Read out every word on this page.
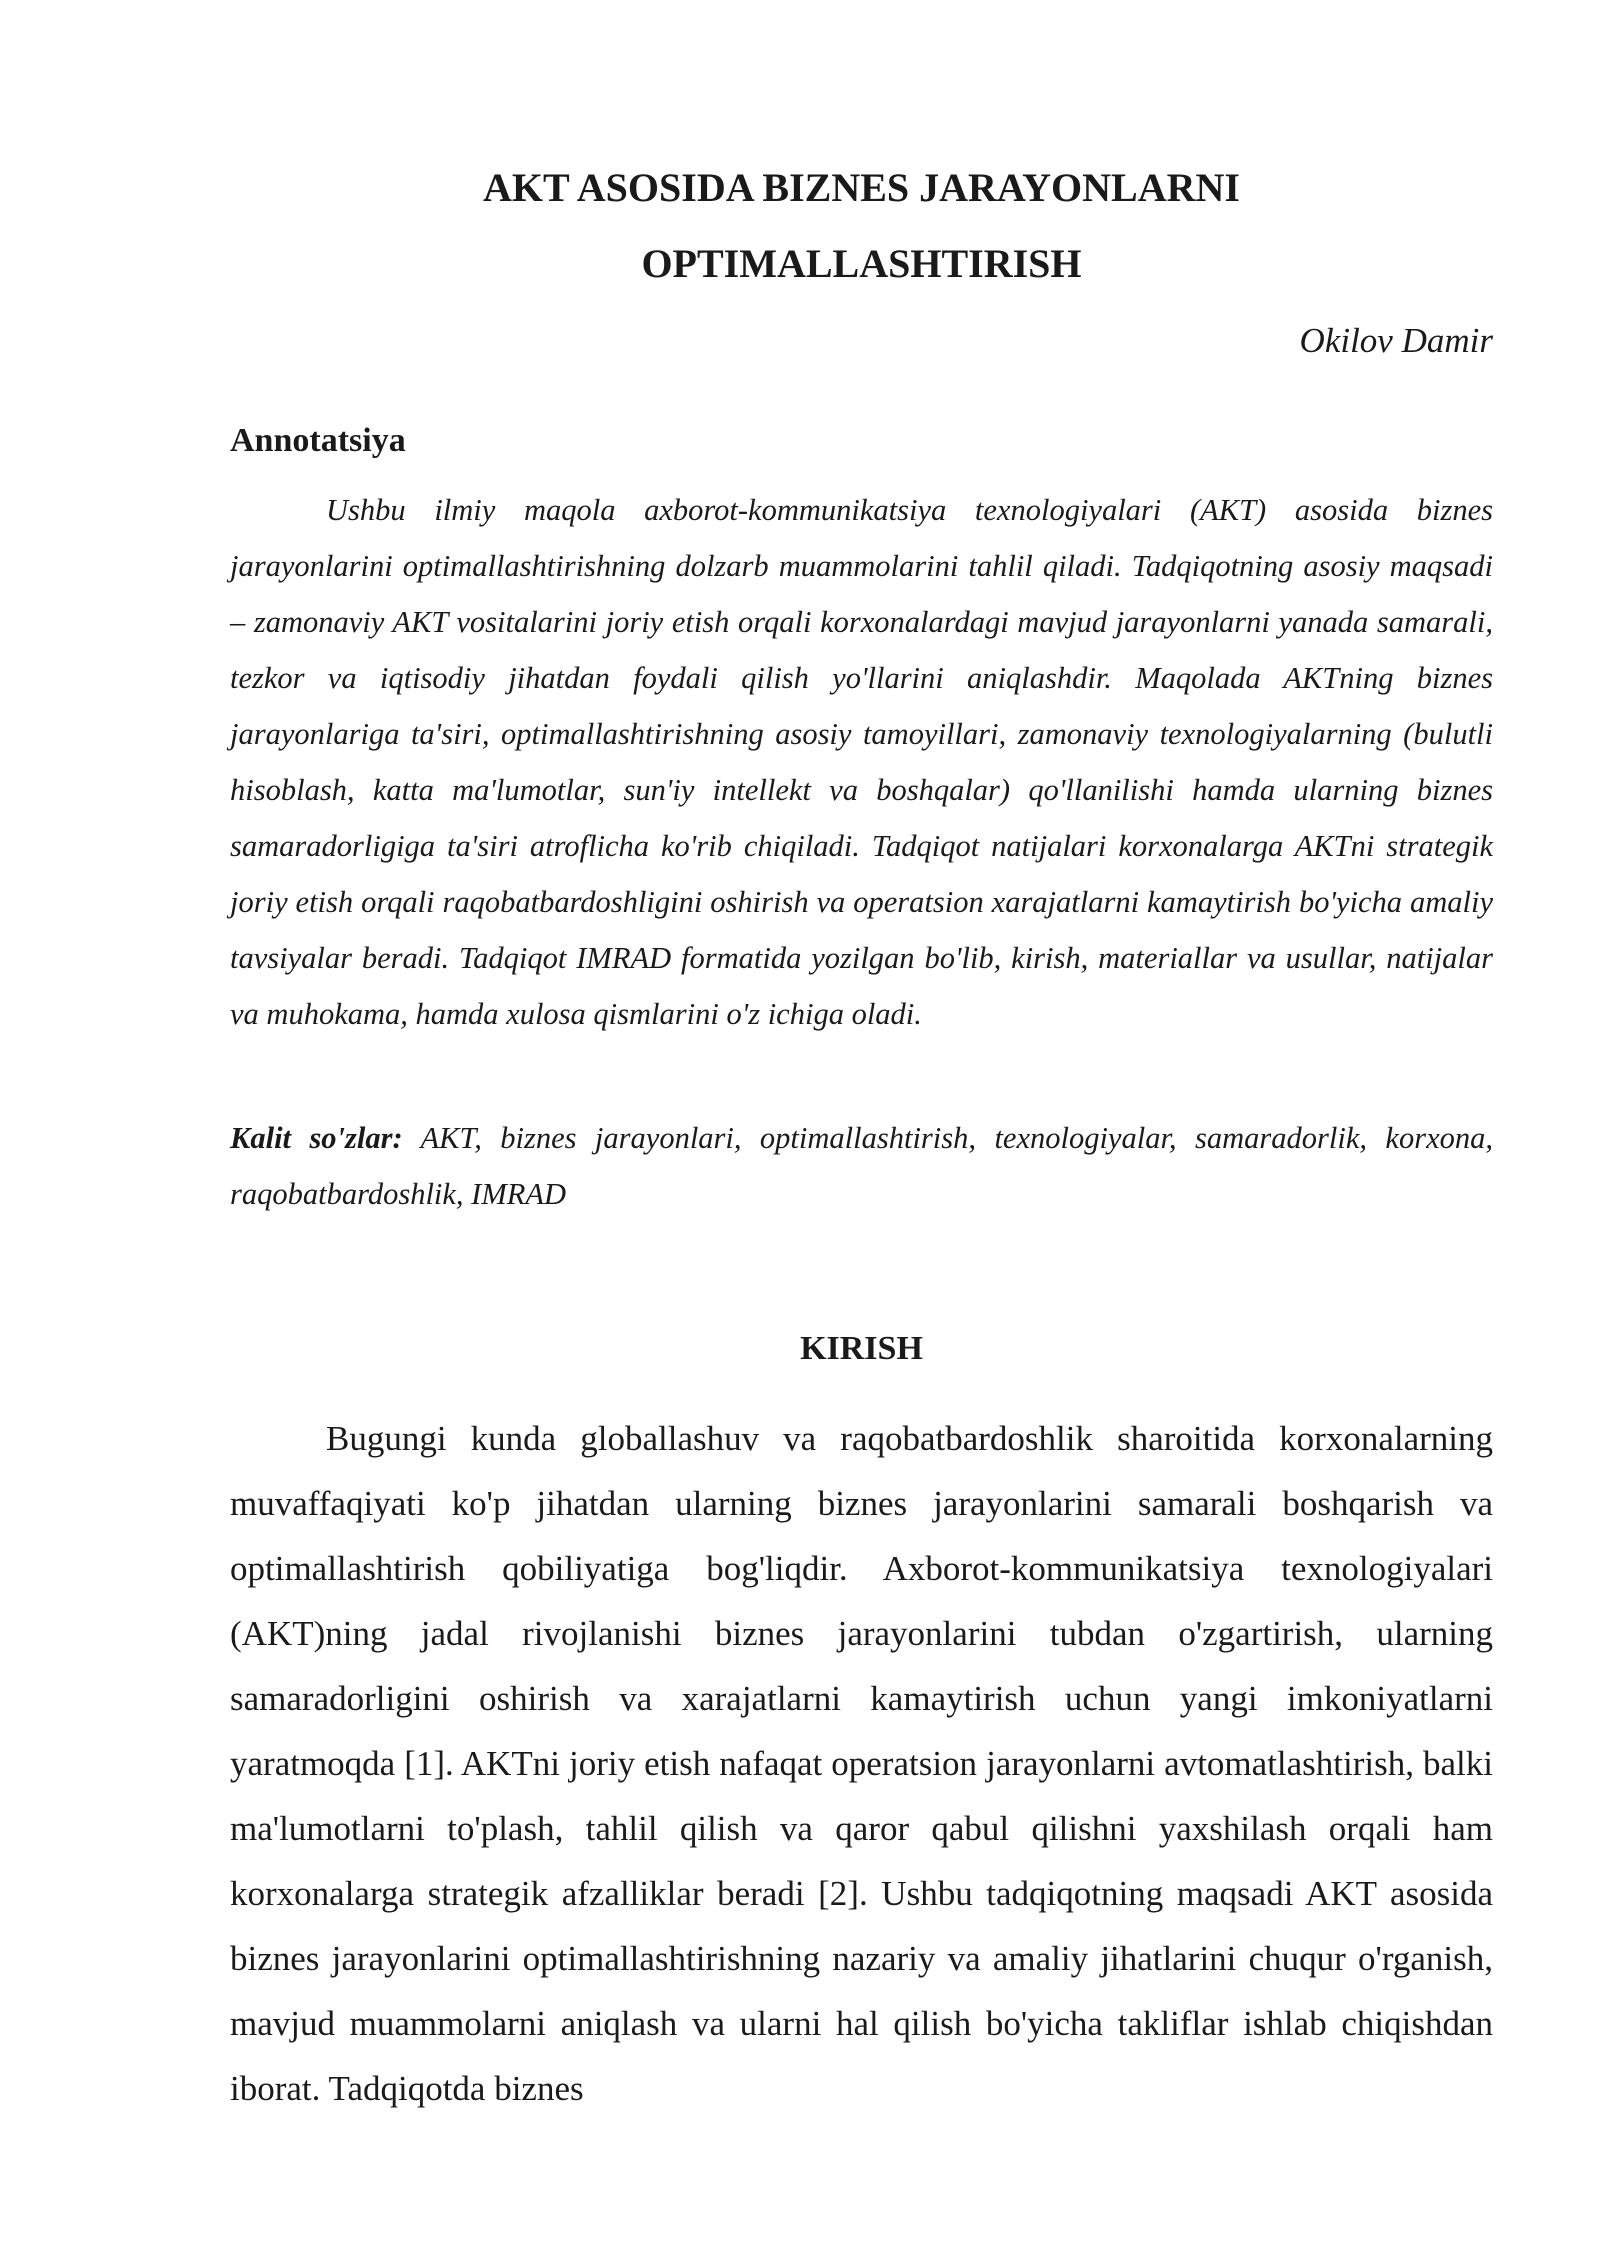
AKT ASOSIDA BIZNES JARAYONLARNI
OPTIMALLASHTIRISH

Okilov Damir

Annotatsiya

Ushbu ilmiy maqola axborot-kommunikatsiya texnologiyalari (AKT) asosida biznes jarayonlarini optimallashtirishning dolzarb muammolarini tahlil qiladi. Tadqiqotning asosiy maqsadi – zamonaviy AKT vositalarini joriy etish orqali korxonalardagi mavjud jarayonlarni yanada samarali, tezkor va iqtisodiy jihatdan foydali qilish yo'llarini aniqlashdir. Maqolada AKTning biznes jarayonlariga ta'siri, optimallashtirishning asosiy tamoyillari, zamonaviy texnologiyalarning (bulutli hisoblash, katta ma'lumotlar, sun'iy intellekt va boshqalar) qo'llanilishi hamda ularning biznes samaradorligiga ta'siri atroflicha ko'rib chiqiladi. Tadqiqot natijalari korxonalarga AKTni strategik joriy etish orqali raqobatbardoshligini oshirish va operatsion xarajatlarni kamaytirish bo'yicha amaliy tavsiyalar beradi. Tadqiqot IMRAD formatida yozilgan bo'lib, kirish, materiallar va usullar, natijalar va muhokama, hamda xulosa qismlarini o'z ichiga oladi.

Kalit so'zlar: AKT, biznes jarayonlari, optimallashtirish, texnologiyalar, samaradorlik, korxona, raqobatbardoshlik, IMRAD

KIRISH

Bugungi kunda globallashuv va raqobatbardoshlik sharoitida korxonalarning muvaffaqiyati ko'p jihatdan ularning biznes jarayonlarini samarali boshqarish va optimallashtirish qobiliyatiga bog'liqdir. Axborot-kommunikatsiya texnologiyalari (AKT)ning jadal rivojlanishi biznes jarayonlarini tubdan o'zgartirish, ularning samaradorligini oshirish va xarajatlarni kamaytirish uchun yangi imkoniyatlarni yaratmoqda [1]. AKTni joriy etish nafaqat operatsion jarayonlarni avtomatlashtirish, balki ma'lumotlarni to'plash, tahlil qilish va qaror qabul qilishni yaxshilash orqali ham korxonalarga strategik afzalliklar beradi [2]. Ushbu tadqiqotning maqsadi AKT asosida biznes jarayonlarini optimallashtirishning nazariy va amaliy jihatlarini chuqur o'rganish, mavjud muammolarni aniqlash va ularni hal qilish bo'yicha takliflar ishlab chiqishdan iborat. Tadqiqotda biznes
